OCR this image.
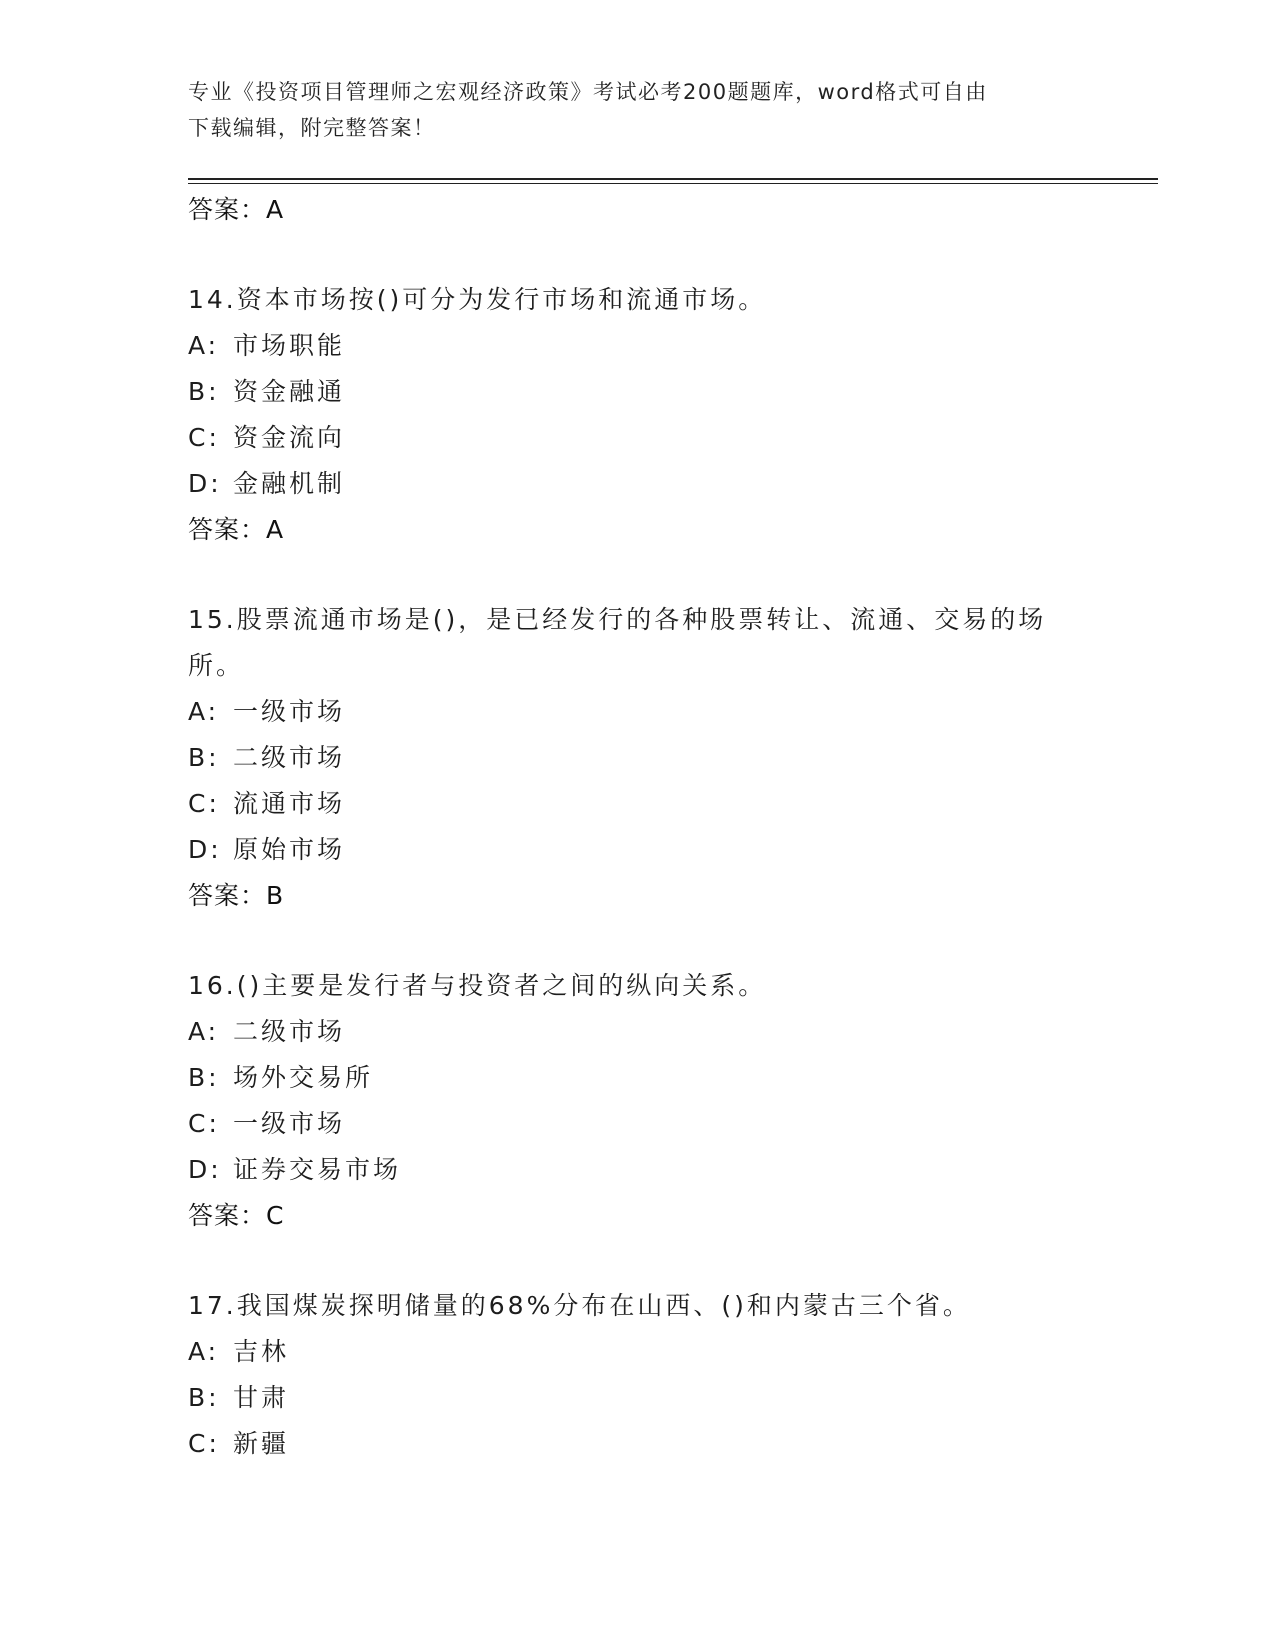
专业《投资项目管理师之宏观经济政策》考试必考200题题库，word格式可自由
下载编辑，附完整答案！
答案：A
14.资本市场按()可分为发行市场和流通市场。
A: 市场职能
B: 资金融通
C: 资金流向
D: 金融机制
答案：A
15.股票流通市场是()，是已经发行的各种股票转让、流通、交易的场
所。
A: 一级市场
B: 二级市场
C: 流通市场
D: 原始市场
答案：B
16.()主要是发行者与投资者之间的纵向关系。
A: 二级市场
B: 场外交易所
C: 一级市场
D: 证券交易市场
答案：C
17.我国煤炭探明储量的68%分布在山西、()和内蒙古三个省。
A: 吉林
B: 甘肃
C: 新疆
